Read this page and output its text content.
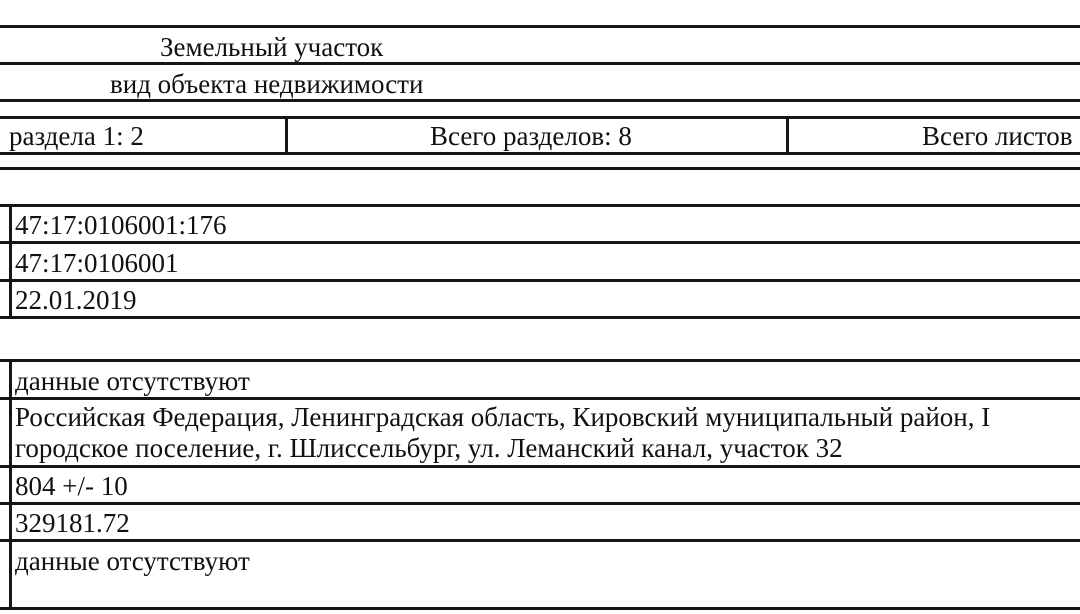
Земельный участок
вид объекта недвижимости
раздела 1: 2	Всего разделов: 8	Всего листов
47:17:0106001:176
47:17:0106001
22.01.2019
данные отсутствуют
Российская Федерация, Ленинградская область, Кировский муниципальный район, I
городское поселение, г. Шлиссельбург, ул. Леманский канал, участок 32
804 +/- 10
329181.72
данные отсутствуют
